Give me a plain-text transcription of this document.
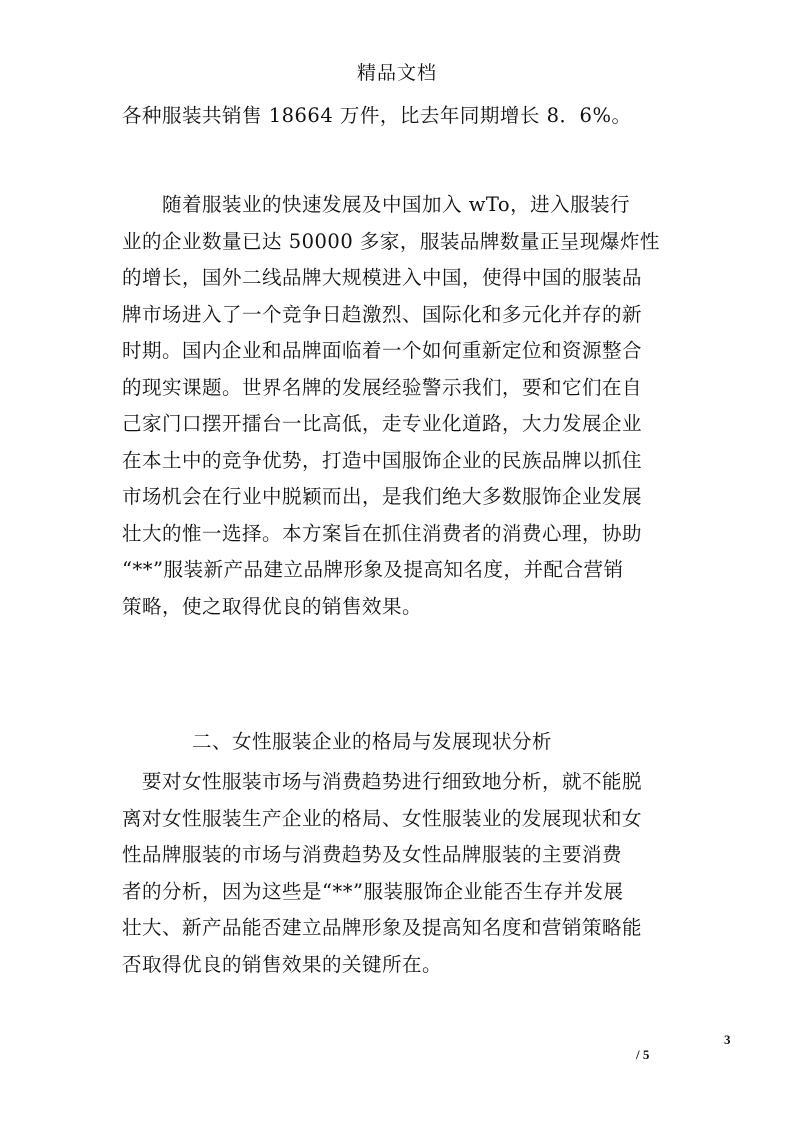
精品文档
各种服装共销售 18664 万件，比去年同期增长 8．6%。
　　随着服装业的快速发展及中国加入 wTo，进入服装行
业的企业数量已达 50000 多家，服装品牌数量正呈现爆炸性
的增长，国外二线品牌大规模进入中国，使得中国的服装品
牌市场进入了一个竞争日趋激烈、国际化和多元化并存的新
时期。国内企业和品牌面临着一个如何重新定位和资源整合
的现实课题。世界名牌的发展经验警示我们，要和它们在自
己家门口摆开擂台一比高低，走专业化道路，大力发展企业
在本土中的竞争优势，打造中国服饰企业的民族品牌以抓住
市场机会在行业中脱颖而出，是我们绝大多数服饰企业发展
壮大的惟一选择。本方案旨在抓住消费者的消费心理，协助
“**”服装新产品建立品牌形象及提高知名度，并配合营销
策略，使之取得优良的销售效果。
二、女性服装企业的格局与发展现状分析
　要对女性服装市场与消费趋势进行细致地分析，就不能脱
离对女性服装生产企业的格局、女性服装业的发展现状和女
性品牌服装的市场与消费趋势及女性品牌服装的主要消费
者的分析，因为这些是“**”服装服饰企业能否生存并发展
壮大、新产品能否建立品牌形象及提高知名度和营销策略能
否取得优良的销售效果的关键所在。
3
/ 5
